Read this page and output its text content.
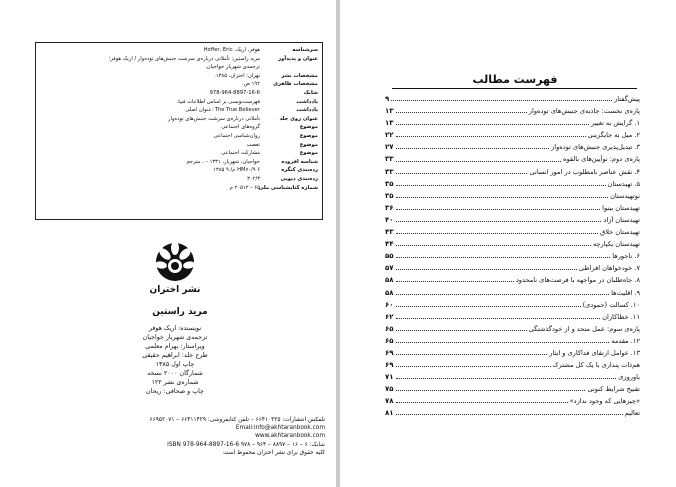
سرشناسه
هوفر، اریک. Hoffer, Eric
عنوان و پدیدآور
مرید راستین: تأملاتی درباره‌ی سرشت جنبش‌های توده‌وار / اریک هوفر؛
ترجمه‌ی شهریار خواجیان.
مشخصات نشر
تهران: اختران، ۱۳۸۵.
مشخصات ظاهری
۱۹۲ ص.
شابک
978-964-8897-16-6
یادداشت
فهرست‌نویسی بر اساس اطلاعات فیپا.
یادداشت
The True Believer :عنوان اصلی
عنوان روی جلد
تأملاتی درباره‌ی سرشت جنبش‌های توده‌وار
موضوع
گروه‌های اجتماعی
موضوع
روان‌شناسی اجتماعی
موضوع
تعصب
موضوع
مشارکت اجتماعی
شناسه افزوده
خواجیان، شهریار، ۱۳۳۱ – ، مترجم
رده‌بندی کنگره
HM۷۰/۹ ۶ م/ ۹ ۱۳۸۵
رده‌بندی دیویی
۳۰۲/۳
شماره کتابشناسی ملی
۶۵ – ۲۰۵۱۲ م
نشر اختران
مرید راستین
نویسنده: اریک هوفر
ترجمه‌ی شهریار خواجیان
ویراستار: بهرام معلمی
طرح جلد: ابراهیم حقیقی
چاپ اول ۱۳۸۵
شمارگان ۲۰۰۰ نسخه
شماره‌ی نشر ۱۲۲
چاپ و صحافی: ریحان
تلفکس انتشارات: ۶۶۴۱۰۳۲۵ – تلفن کتابفروشی: ۶۶۴۱۱۴۲۹ – ۶۶۹۵۲۰۷۱
Email:info@akhtaranbook.com
www.akhtaranbook.com
شابک: ۶ – ۱۶ – ۸۸۹۷ – ۹۶۴ – ۹۷۸ ISBN 978-964-8897-16-6
کلیه حقوق برای نشر اختران محفوظ است
فهرست مطالب
پیش‌گفتار
۹
پاره‌ی نخست: جاذبه‌ی جنبش‌های توده‌وار
۱۳
۱. گرایش به تغییر
۱۳
۲. میل به جایگزینی
۲۲
۳. تبدیل‌پذیری جنبش‌های توده‌وار
۲۷
پاره‌ی دوم: نوآیین‌های بالقوه
۳۳
۴. نقش عناصر نامطلوب در امور انسانی
۳۳
۵. تهیدستان
۳۵
نوتهیدستان
۳۵
تهیدستان بینوا
۳۶
تهیدستان آزاد
۴۰
تهیدستان خلاق
۴۳
تهیدستان یکپارچه
۴۴
۶. ناجورها
۵۵
۷. خودخواهان افراطی
۵۷
۸. جاه‌طلبان در مواجهه با فرصت‌های نامحدود
۵۸
۹. اقلیت‌ها
۵۸
۱۰. کسالت (حمودی)
۶۰
۱۱. خطاکاران
۶۲
پاره‌ی سوم: عمل متحد و از خودگذشتگی
۶۵
۱۲. مقدمه
۶۵
۱۳. عوامل ارتقای فداکاری و ایثار
۶۹
هم‌ذات پنداری با یک کل مشترک
۶۹
باوروزی
۷۱
تقبیح شرایط کنونی
۷۵
«چیزهایی که وجود ندارد»
۷۸
تعالیم
۸۱
